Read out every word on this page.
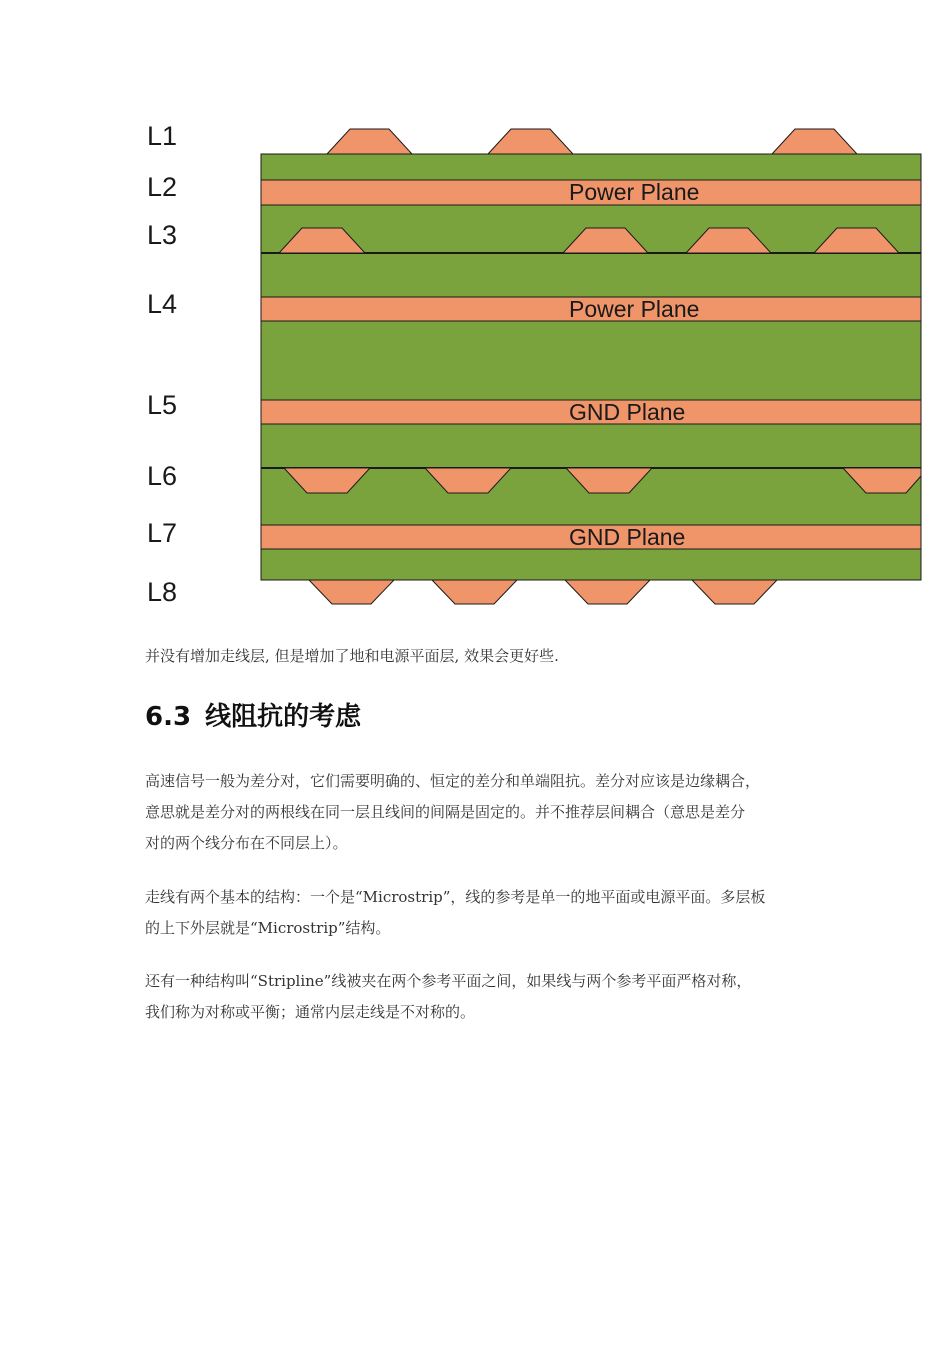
Power Plane
Power Plane
GND Plane
GND Plane
L1
L2
L3
L4
L5
L6
L7
L8
并没有增加走线层, 但是增加了地和电源平面层, 效果会更好些.
6.3 线阻抗的考虑

高速信号一般为差分对，它们需要明确的、恒定的差分和单端阻抗。差分对应该是边缘耦合，
意思就是差分对的两根线在同一层且线间的间隔是固定的。并不推荐层间耦合（意思是差分
对的两个线分布在不同层上）。

走线有两个基本的结构：一个是“Microstrip”，线的参考是单一的地平面或电源平面。多层板
的上下外层就是“Microstrip”结构。

还有一种结构叫“Stripline”线被夹在两个参考平面之间，如果线与两个参考平面严格对称，
我们称为对称或平衡；通常内层走线是不对称的。
